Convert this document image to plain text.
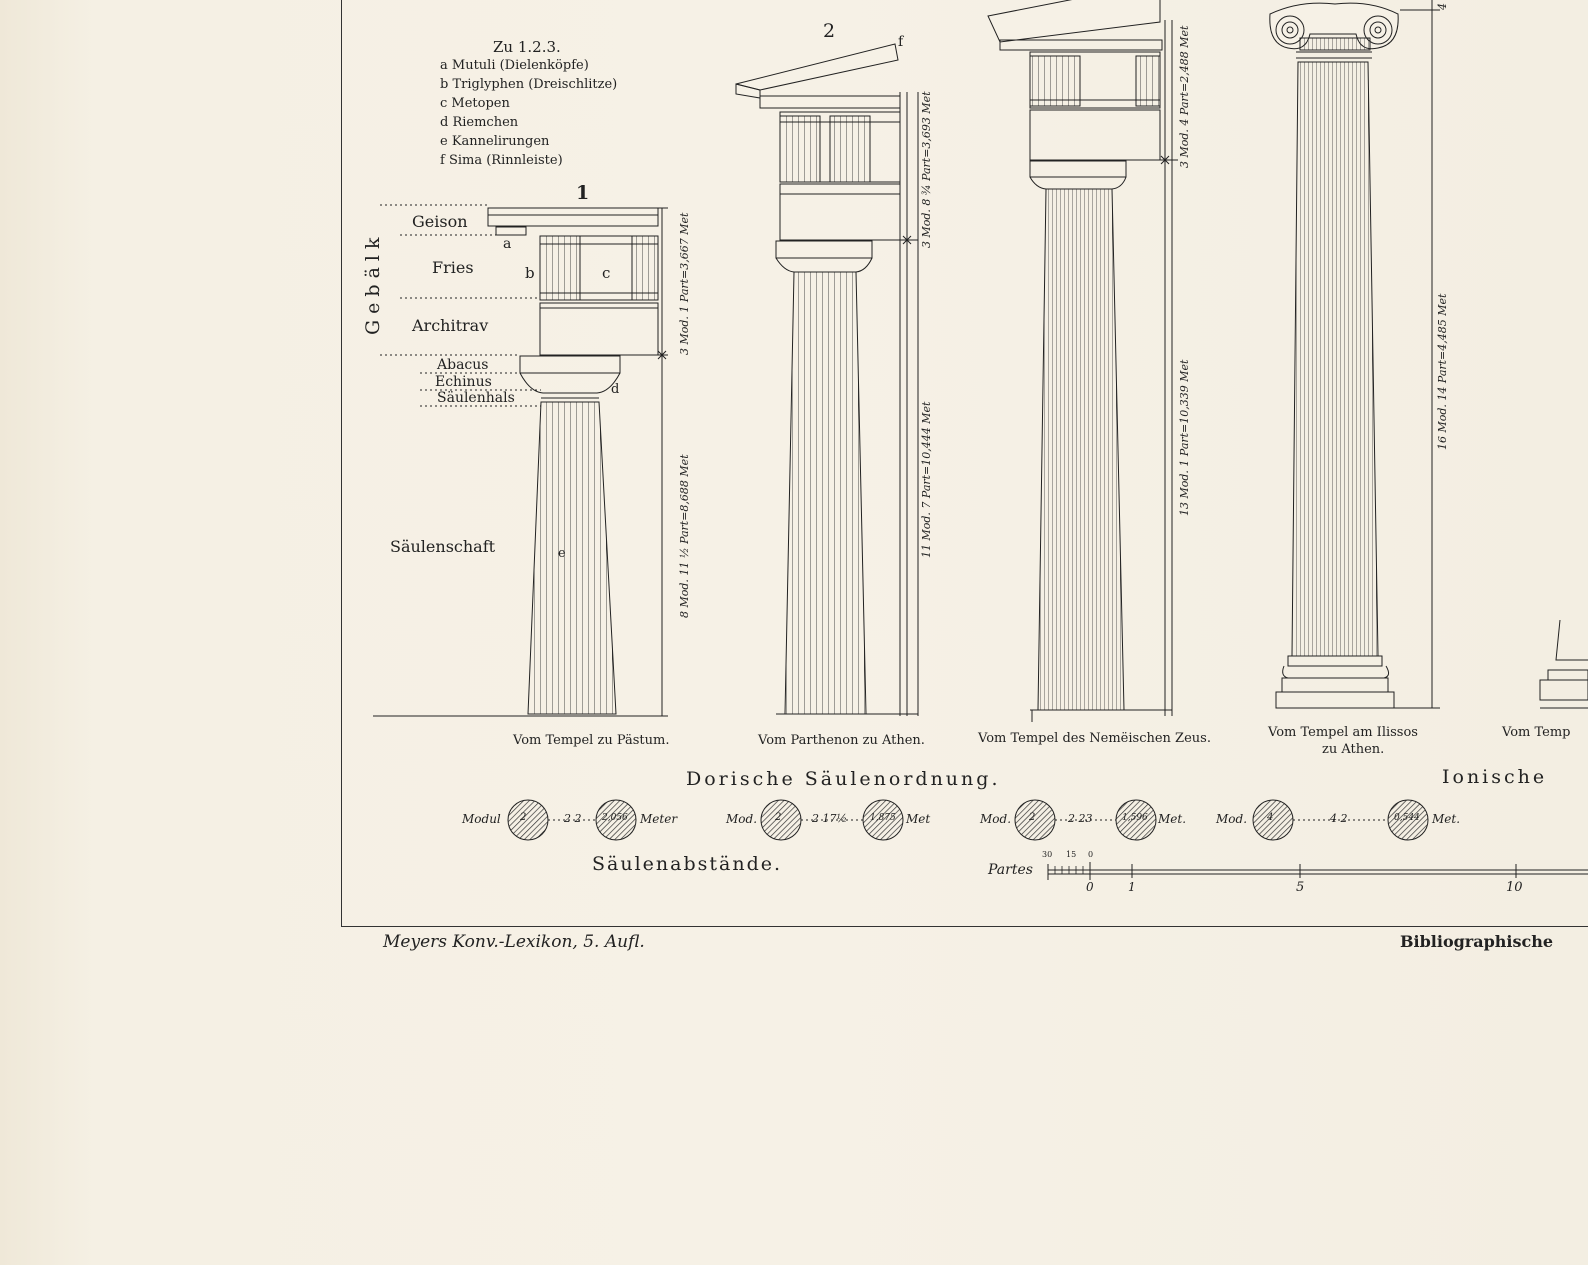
Zu 1.2.3.
a Mutuli (Dielenköpfe)
b Triglyphen (Dreischlitze)
c Metopen
d Riemchen
e Kannelirungen
f Sima (Rinnleiste)
1
2
Gebälk
Geison
Fries
Architrav
Abacus
Echinus
Säulenhals
Säulenschaft
a
b	c
d
e
f
3 Mod. 1 Part=3,667 Met
8 Mod. 11 ½ Part=8,688 Met
3 Mod. 8 ¾ Part=3,693 Met
11 Mod. 7 Part=10,444 Met
3 Mod. 4 Part=2,488 Met
13 Mod. 1 Part=10,339 Met	16 Mod. 14 Part=4,485 Met
4
Vom Tempel zu Pästum.	Vom Parthenon zu Athen.	Vom Tempel des Nemëischen Zeus.	Vom Tempel am Ilissos
zu Athen.
Vom Temp
Dorische Säulenordnung.	Ionische
Modul 2	2 2 2,056 Meter	Mod. 2	2 17½	1,875 Met	Mod. 2	2 23	1,596 Met. Mod. 4	4 2	0,544 Met.
Säulenabstände.	Partes
30 15 0
0	1	5	10
Meyers Konv.-Lexikon, 5. Aufl.	Bibliographische
